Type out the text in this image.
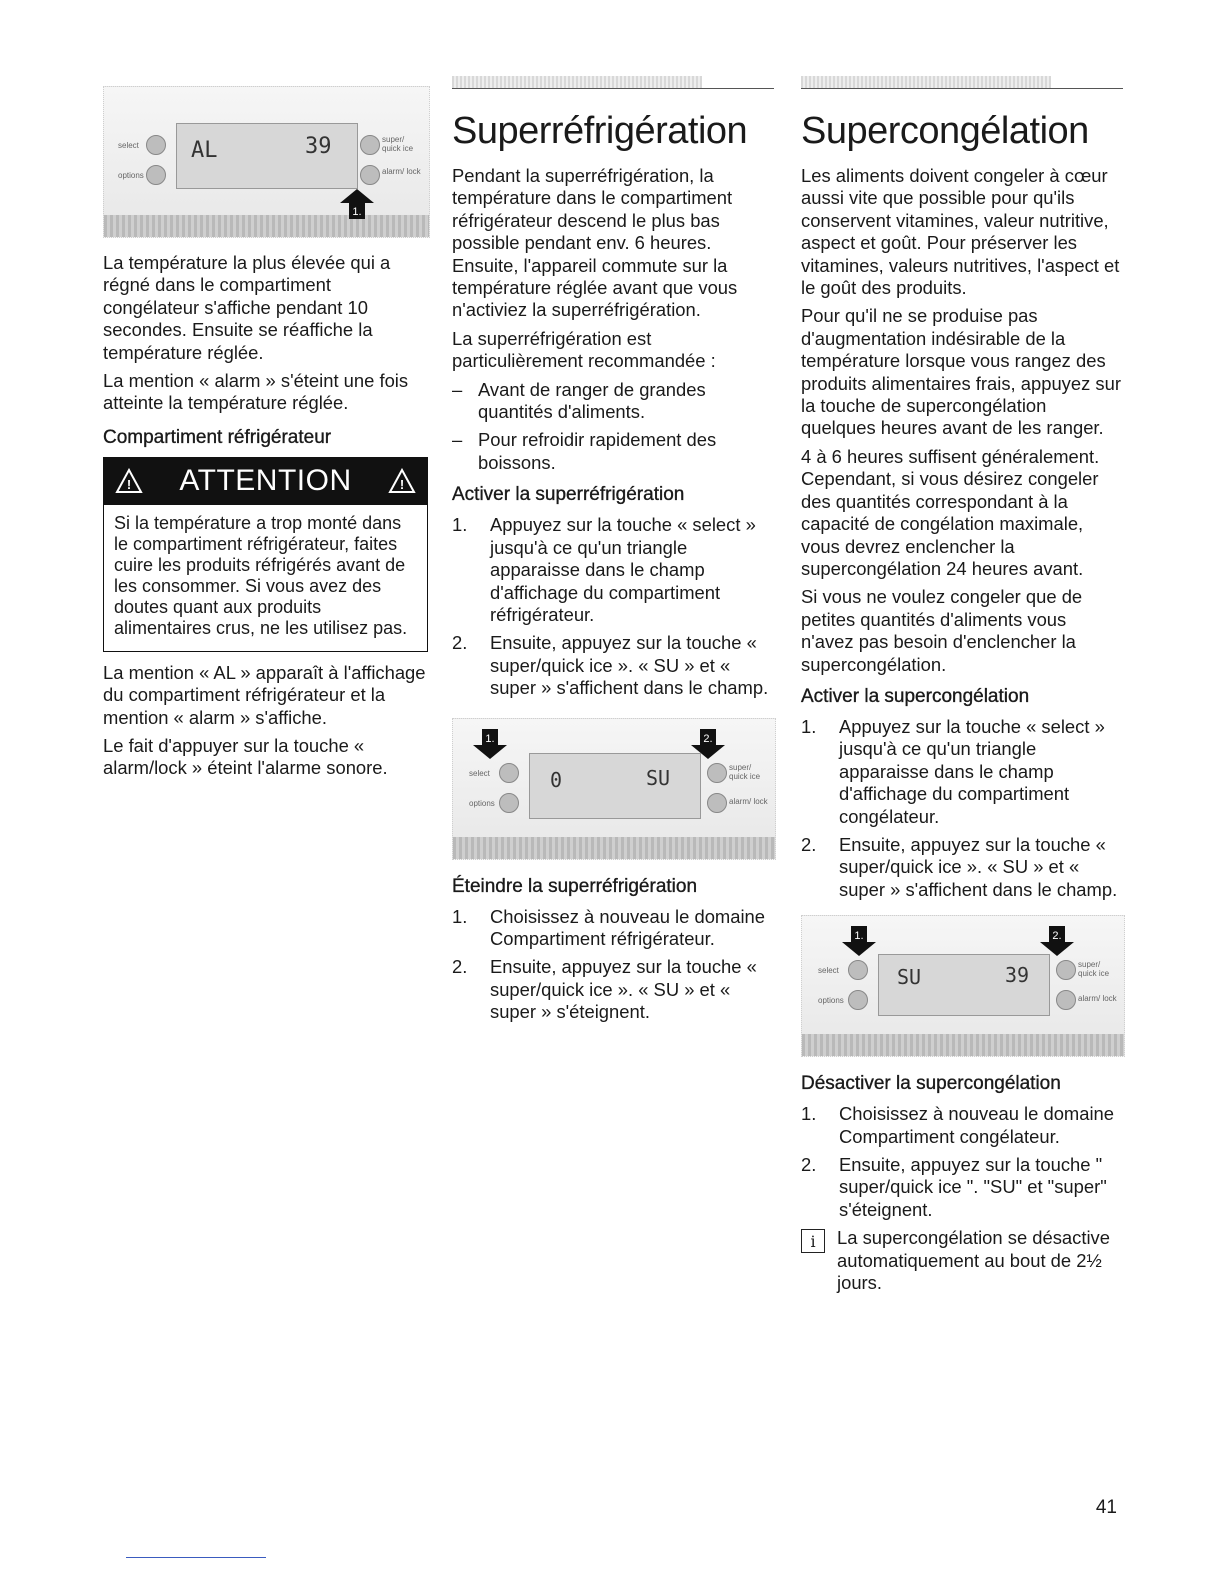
select
options
AL	39	super/ quick ice
alarm/ lock
1.

La température la plus élevée qui a régné dans le compartiment congélateur s'affiche pendant 10 secondes. Ensuite se réaffiche la température réglée.

La mention « alarm » s'éteint une fois atteinte la température réglée.

Compartiment réfrigérateur
! ATTENTION	!

Si la température a trop monté dans le compartiment réfrigérateur, faites cuire les produits réfrigérés avant de les consommer. Si vous avez des doutes quant aux produits alimentaires crus, ne les utilisez pas.

La mention « AL » apparaît à l'affichage du compartiment réfrigérateur et la mention « alarm » s'affiche.

Le fait d'appuyer sur la touche « alarm/lock » éteint l'alarme sonore.

Superréfrigération

Pendant la superréfrigération, la température dans le compartiment réfrigérateur descend le plus bas possible pendant env. 6 heures. Ensuite, l'appareil commute sur la température réglée avant que vous n'activiez la superréfrigération.

La superréfrigération est particulièrement recommandée :

– Avant de ranger de grandes quantités d'aliments.
– Pour refroidir rapidement des boissons.
Activer la superréfrigération
1. Appuyez sur la touche « select » jusqu'à ce qu'un triangle apparaisse dans le champ d'affichage du compartiment réfrigérateur.
2. Ensuite, appuyez sur la touche « super/quick ice ». « SU » et « super » s'affichent dans le champ.
1.	2.
select
options
0	SU	super/ quick ice
alarm/ lock
Éteindre la superréfrigération
1. Choisissez à nouveau le domaine Compartiment réfrigérateur.
2. Ensuite, appuyez sur la touche « super/quick ice ». « SU » et « super » s'éteignent.
Supercongélation

Les aliments doivent congeler à cœur aussi vite que possible pour qu'ils conservent vitamines, valeur nutritive, aspect et goût. Pour préserver les vitamines, valeurs nutritives, l'aspect et le goût des produits.

Pour qu'il ne se produise pas d'augmentation indésirable de la température lorsque vous rangez des produits alimentaires frais, appuyez sur la touche de supercongélation quelques heures avant de les ranger.

4 à 6 heures suffisent généralement. Cependant, si vous désirez congeler des quantités correspondant à la capacité de congélation maximale, vous devrez enclencher la supercongélation 24 heures avant.

Si vous ne voulez congeler que de petites quantités d'aliments vous n'avez pas besoin d'enclencher la supercongélation.

Activer la supercongélation
1. Appuyez sur la touche « select » jusqu'à ce qu'un triangle apparaisse dans le champ d'affichage du compartiment congélateur.
2. Ensuite, appuyez sur la touche « super/quick ice ». « SU » et « super » s'affichent dans le champ.
1.	2.
select
options
SU	39	super/ quick ice
alarm/ lock
Désactiver la supercongélation
1. Choisissez à nouveau le domaine Compartiment congélateur.
2. Ensuite, appuyez sur la touche " super/quick ice ". "SU" et "super" s'éteignent.
i	La supercongélation se désactive automatiquement au bout de 2½ jours.

41
